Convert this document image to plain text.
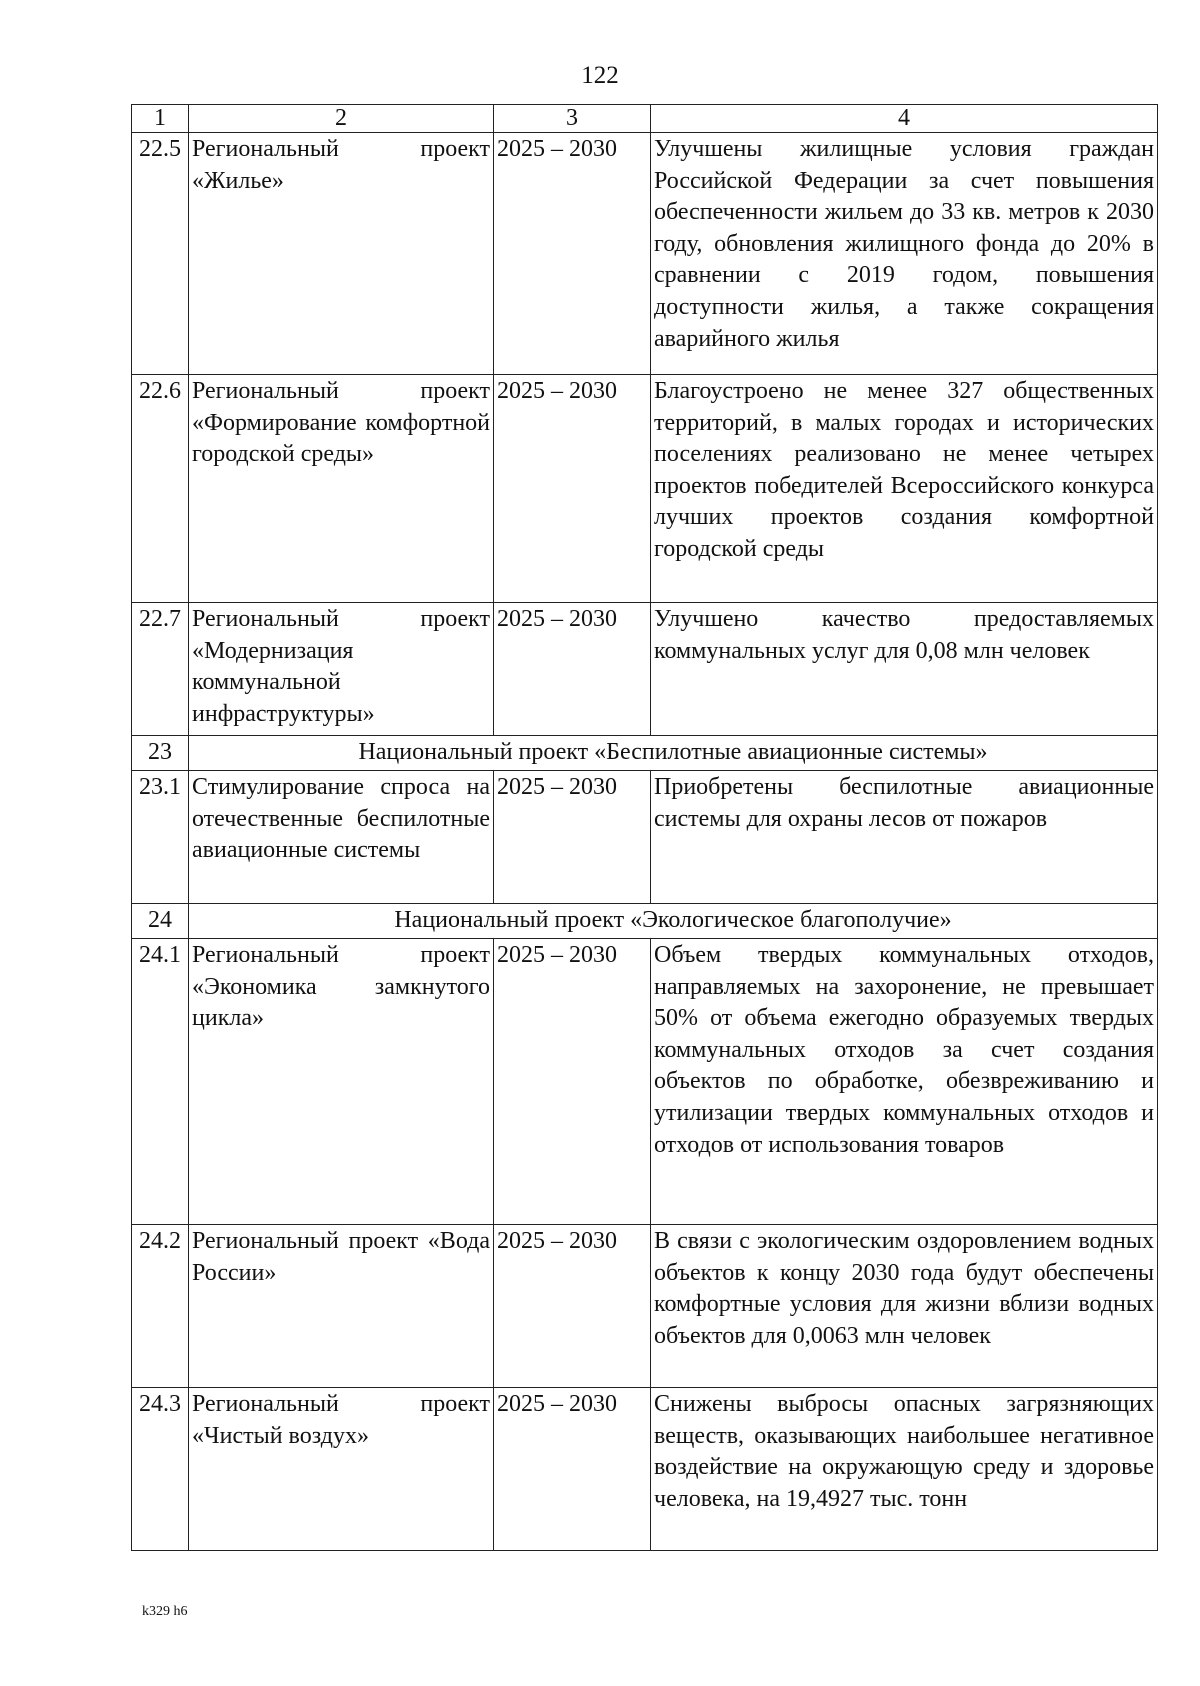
122
1	2	3	4
22.5	Региональный проект «Жилье»	2025 – 2030	Улучшены жилищные условия граждан Российской Федерации за счет повышения обеспеченности жильем до 33 кв. метров к 2030 году, обновления жилищного фонда до 20% в сравнении с 2019 годом, повышения доступности жилья, а также сокращения аварийного жилья
22.6	Региональный проект «Формирование комфортной городской среды»	2025 – 2030	Благоустроено не менее 327 общественных территорий, в малых городах и исторических поселениях реализовано не менее четырех проектов победителей Всероссийского конкурса лучших проектов создания комфортной городской среды
22.7	Региональный проект «Модернизация коммунальной инфраструктуры»	2025 – 2030	Улучшено качество предоставляемых коммунальных услуг для 0,08 млн человек
23	Национальный проект «Беспилотные авиационные системы»		
23.1	Стимулирование спроса на отечественные беспилотные авиационные системы	2025 – 2030	Приобретены беспилотные авиационные системы для охраны лесов от пожаров
24	Национальный проект «Экологическое благополучие»		
24.1	Региональный проект «Экономика замкнутого цикла»	2025 – 2030	Объем твердых коммунальных отходов, направляемых на захоронение, не превышает 50% от объема ежегодно образуемых твердых коммунальных отходов за счет создания объектов по обработке, обезвреживанию и утилизации твердых коммунальных отходов и отходов от использования товаров
24.2	Региональный проект «Вода России»	2025 – 2030	В связи с экологическим оздоровлением водных объектов к концу 2030 года будут обеспечены комфортные условия для жизни вблизи водных объектов для 0,0063 млн человек
24.3	Региональный проект «Чистый воздух»	2025 – 2030	Снижены выбросы опасных загрязняющих веществ, оказывающих наибольшее негативное воздействие на окружающую среду и здоровье человека, на 19,4927 тыс. тонн
k329 h6
